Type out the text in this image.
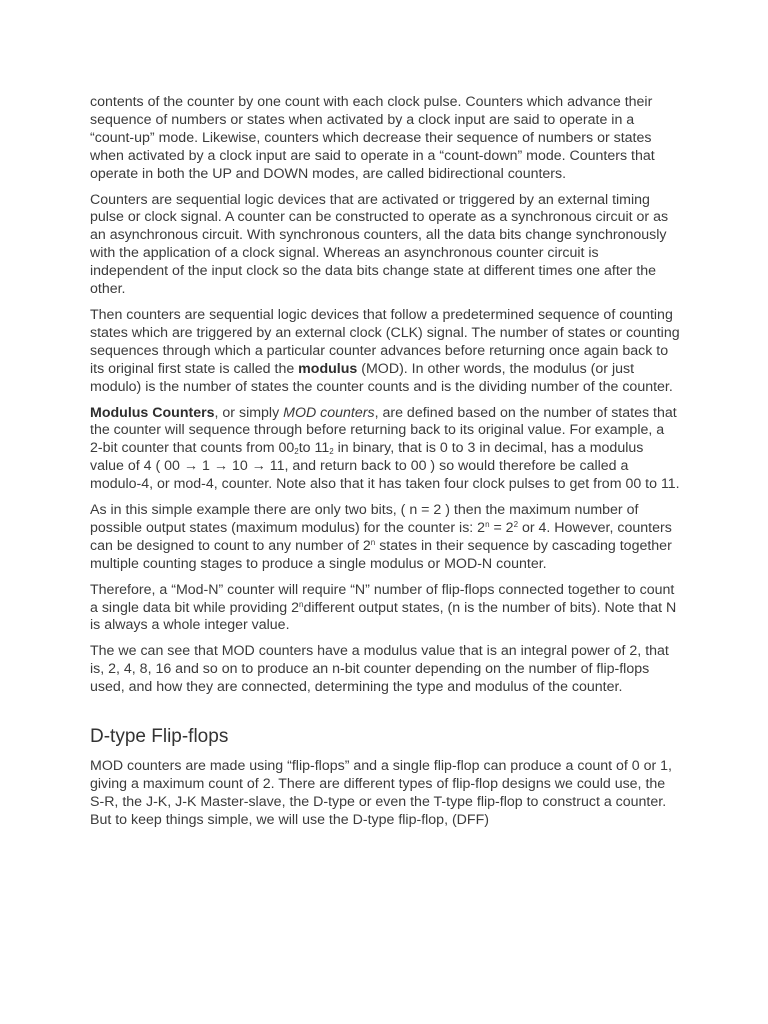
contents of the counter by one count with each clock pulse. Counters which advance their sequence of numbers or states when activated by a clock input are said to operate in a “count-up” mode. Likewise, counters which decrease their sequence of numbers or states when activated by a clock input are said to operate in a “count-down” mode. Counters that operate in both the UP and DOWN modes, are called bidirectional counters.

Counters are sequential logic devices that are activated or triggered by an external timing pulse or clock signal. A counter can be constructed to operate as a synchronous circuit or as an asynchronous circuit. With synchronous counters, all the data bits change synchronously with the application of a clock signal. Whereas an asynchronous counter circuit is independent of the input clock so the data bits change state at different times one after the other.

Then counters are sequential logic devices that follow a predetermined sequence of counting states which are triggered by an external clock (CLK) signal. The number of states or counting sequences through which a particular counter advances before returning once again back to its original first state is called the modulus (MOD). In other words, the modulus (or just modulo) is the number of states the counter counts and is the dividing number of the counter.

Modulus Counters, or simply MOD counters, are defined based on the number of states that the counter will sequence through before returning back to its original value. For example, a 2-bit counter that counts from $00_2to$ $11_2$ in binary, that is 0 to 3 in decimal, has a modulus value of 4 ( 00 → 1 → 10 → 11, and return back to 00 ) so would therefore be called a modulo-4, or mod-4, counter. Note also that it has taken four clock pulses to get from 00 to 11.

As in this simple example there are only two bits, ( n = 2 ) then the maximum number of possible output states (maximum modulus) for the counter is: $2^n = 2^2$ or 4. However, counters can be designed to count to any number of 2$^n$ states in their sequence by cascading together multiple counting stages to produce a single modulus or MOD-N counter.

Therefore, a “Mod-N” counter will require “N” number of flip-flops connected together to count a single data bit while providing 2$^n$different output states, (n is the number of bits). Note that N is always a whole integer value.

The we can see that MOD counters have a modulus value that is an integral power of 2, that is, 2, 4, 8, 16 and so on to produce an n-bit counter depending on the number of flip-flops used, and how they are connected, determining the type and modulus of the counter.

D-type Flip-flops

MOD counters are made using “flip-flops” and a single flip-flop can produce a count of 0 or 1, giving a maximum count of 2. There are different types of flip-flop designs we could use, the S-R, the J-K, J-K Master-slave, the D-type or even the T-type flip-flop to construct a counter. But to keep things simple, we will use the D-type flip-flop, (DFF)
